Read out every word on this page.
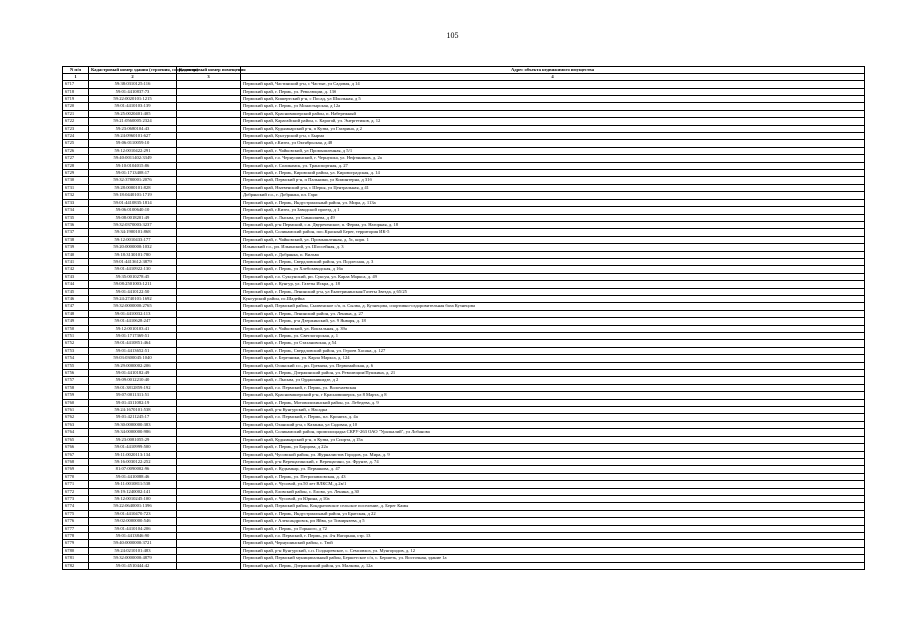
105
N п/п	Кадастровый номер здания (строения, сооружения)	Кадастровый номер помещения	Адрес объекта недвижимого имущества
1	2	3	4
6717	59:38:0310125:116		Пермский край, Частинский р-н, с Частые, ул Садовая, д 14
6718	59:01:4410837:73		Пермский край, г. Пермь, ул. Революции, д. 13б
6719	59:22:0020101:1215		Пермский край, Кишертский р-н, с Посад, ул Школьная, д 5
6720	59:01:4410103:139		Пермский край, г. Пермь, ул Монастырская, д 12а
6721	59:25:0020401:405		Пермский край, Красновишерский район, п. Набережный
6722	59:21:0560005:2324		Пермский край, Карагайский район, с. Карагай, ул. Энергетиков, д. 12
6723	59:23:0680104:43		Пермский край, Кудымкарский р-н, п Кузва, ул Гагарина, д 2
6724	59:24:0960101:627		Пермский край, Кунгурский р-н, с Бырма
6725	59:06:0110059:10		Пермский край, г.Кизел, ул Октябрьская, д 48
6726	59:12:0010422:291		Пермский край, г. Чайковский, ул Промышленная, д 5/1
6727	59:40:0011402:3349		Пермский край, г.о. Чернушинский, г. Чернушка, ул. Нефтяников, д. 2а
6728	59:10:0104015:86		Пермский край, г. Соликамск, ул. Транспортная, д. 27
6729	59:01:1713408:17		Пермский край, г. Пермь, Кировский район, ул. Кировоградская, д. 14
6730	59:32:3780001:2076		Пермский край, Пермский р-н, п Пальники, ул Коминтерна, д 31б
6731	59:28:0000101:828		Пермский край, Нытвенский р-н, с Шерья, ул Центральная, д 41
6732	59:18:0440101:1719		Добрянский г.о., г. Добрянка, пл. Гари
6733	59:01:4410835:1814		Пермский край, г. Пермь, Индустриальный район, ул. Мира, д. 113а
6734	59:06:0100640:10		Пермский край, г.Кизел, ул Заводской проезд, д 1
6735	59:08:0018201:49		Пермский край, г. Лысьва, ул Смышляева, д 49
6736	59:32:0370003:3237		Пермский край, р-н Пермский, с.п. Двуреченское, п. Ферма, ул. Нагорная, д. 18
6737	59:34:1900101:868		Пермский край, Соликамский район, пос.Красный Берег, территория ИК-5
6738	59:12:0010433:177		Пермский край, г. Чайковский, ул. Промышленная, д. 5с, корп. 1
6739	59:20:0000000:1032		Ильинский г.о., рп. Ильинский, ул. Шоссейная, д. 3
6740	59:18:3130101:780		Пермский край, г. Добрянка, п. Вильва
6741	59:01:4413612:3879		Пермский край, г. Пермь, Свердловский район, ул. Подлесная, д. 3
6742	59:01:4410922:130		Пермский край, г. Пермь, ул Хлебозаводская, д 16а
6743	59:35:0010278:45		Пермский край, г.о. Суксунский, рп. Суксун, ул. Карла Маркса, д. 49
6744	59:08:2501003:1211		Пермский край, г. Кунгур, ул. Газеты Искра, д. 18
6745	59:01:4410122:50		Пермский край, г. Пермь, Ленинский р-н, ул Екатерининская/Газеты Звезда, д 65/25
6746	59:24:2740101:1692		Кунгурский район, пс.Шадейка
6747	59:32:0000000:2765		Пермский край, Пермский район, Сылвенское с/п, п. Сылва, д. Кузнецова, спортивно-оздоровительная база Кузнецова
6748	59:01:4410032:113		Пермский край, г. Пермь, Ленинский район, ул. Ленина, д. 27
6749	59:01:4410628:247		Пермский край, г. Пермь, р-н Дзержинский, ул. 9 Января, д. 18
6750	59:12:0010103:41		Пермский край, г. Чайковский, ул. Вокзальная, д. 39а
6751	59:01:1717369:51		Пермский край, г. Пермь, ул. Светлогорская, д. 1
6752	59:01:4410851:464		Пермский край, г. Пермь, ул Стахановская, д 54
6753	59:01:4413652:51		Пермский край, г. Пермь, Свердловский район, ул. Героев Хасана, д. 127
6754	59:03:0300045:1040		Пермский край, г. Березники, ул. Карла Маркса, д. 124
6755	59:29:0000002:206		Пермский край, Осинский г.о., рп. Гремяча, ул. Первомайская, д. 6
6756	59:01:4410182:49		Пермский край, г. Пермь, Дзержинский район, ул. Революции/Пушкина, д. 21
6757	59:09:0012210:40		Пермский край, г. Лысьва, ул Орджоникидзе, д 2
6758	59:01:3812859:192		Пермский край, г.о. Пермский, г. Пермь, ул. Волочаевская
6759	59:07:0011311:51		Пермский край, Красновишерский р-н, г Красновишерск, ул 8 Марта, д 8
6760	59:01:4311082:19		Пермский край, г. Пермь, Мотовилихинский район, ул. Лебедева, д. 9
6761	59:24:1670101:538		Пермский край, р-н Кунгурский, с Насадка
6762	59:01:4211245:17		Пермский край, г.о. Пермский, г. Пермь, пл. Кронита, д. 4а
6763	59:30:0000000:383		Пермский край, Оханский р-н, с Казанка, ул Садовая, д 10
6764	59:34:0000000:986		Пермский край, Соликамский район, промплощадка СКРУ-263 ОАО "Уралкалий", ул Лобанова
6765	59:23:0081055:29		Пермский край, Кудымкарский р-н, п Кузва, ул Спорта, д 15а
6766	59:01:4410999:500		Пермский край, г. Пермь, ул Борцова, д 22а
6767	59:11:0020113:134		Пермский край, Чусовской район, ул. Журналистов Городов, ул. Мира, д. 9
6768	59:16:0030122:252		Пермский край, р-н Верещагинский, г. Верещагино, ул. Фрунзе, д. 74
6769	81:07:0090002:96		Пермский край, г. Кудымкар, ул. Пермякова, д. 47
6770	59:01:4410088:46		Пермский край, г. Пермь, ул. Петропавловская, д. 43
6771	59:11:0010811:538		Пермский край, г. Чусовой, ул.50 лет ВЛКСМ, д.2в/1
6772	59:19:1240002:141		Пермский край, Еловский район, с. Елово, ул. Ленина, д.30
6773	59:12:0010245:100		Пермский край, г. Чусовой, ул Юрина, д 10а
6774	59:22:0640001:1396		Пермский край, Пермский район, Кондратовское сельское поселение, д. Берег Камы
6775	59:01:4410470:723		Пермский край, г. Пермь, Индустриальный район, ул Братская, д 22
6776	59:02:0000000:546		Пермский край, г Александровск, рп Яйва, ул Тимирязева, д 5
6777	59:01:4410104:206		Пермский край, г. Пермь, ул Горького, д 72
6778	59:01:4413846:90		Пермский край, г.о. Пермский, г. Пермь, ул. 4-я Нагорная, стр. 13
6779	59:40:0000000:3721		Пермский край, Чернушинский район, с. Тюй
6780	59:24:0210101:483		Пермский край, р-н Кунгурский, с.п. Голдыревское, с. Семсовхоз, ул. Мунгородов, д. 12
6781	59:32:0000000:4879		Пермский край, Пермский муниципальный район, Бершетское с/п, с. Бершеть, ул. Восточная, здание 1а
6782	59:01:4510444:42		Пермский край, г. Пермь, Дзержинский район, ул. Малкова, д. 12а
